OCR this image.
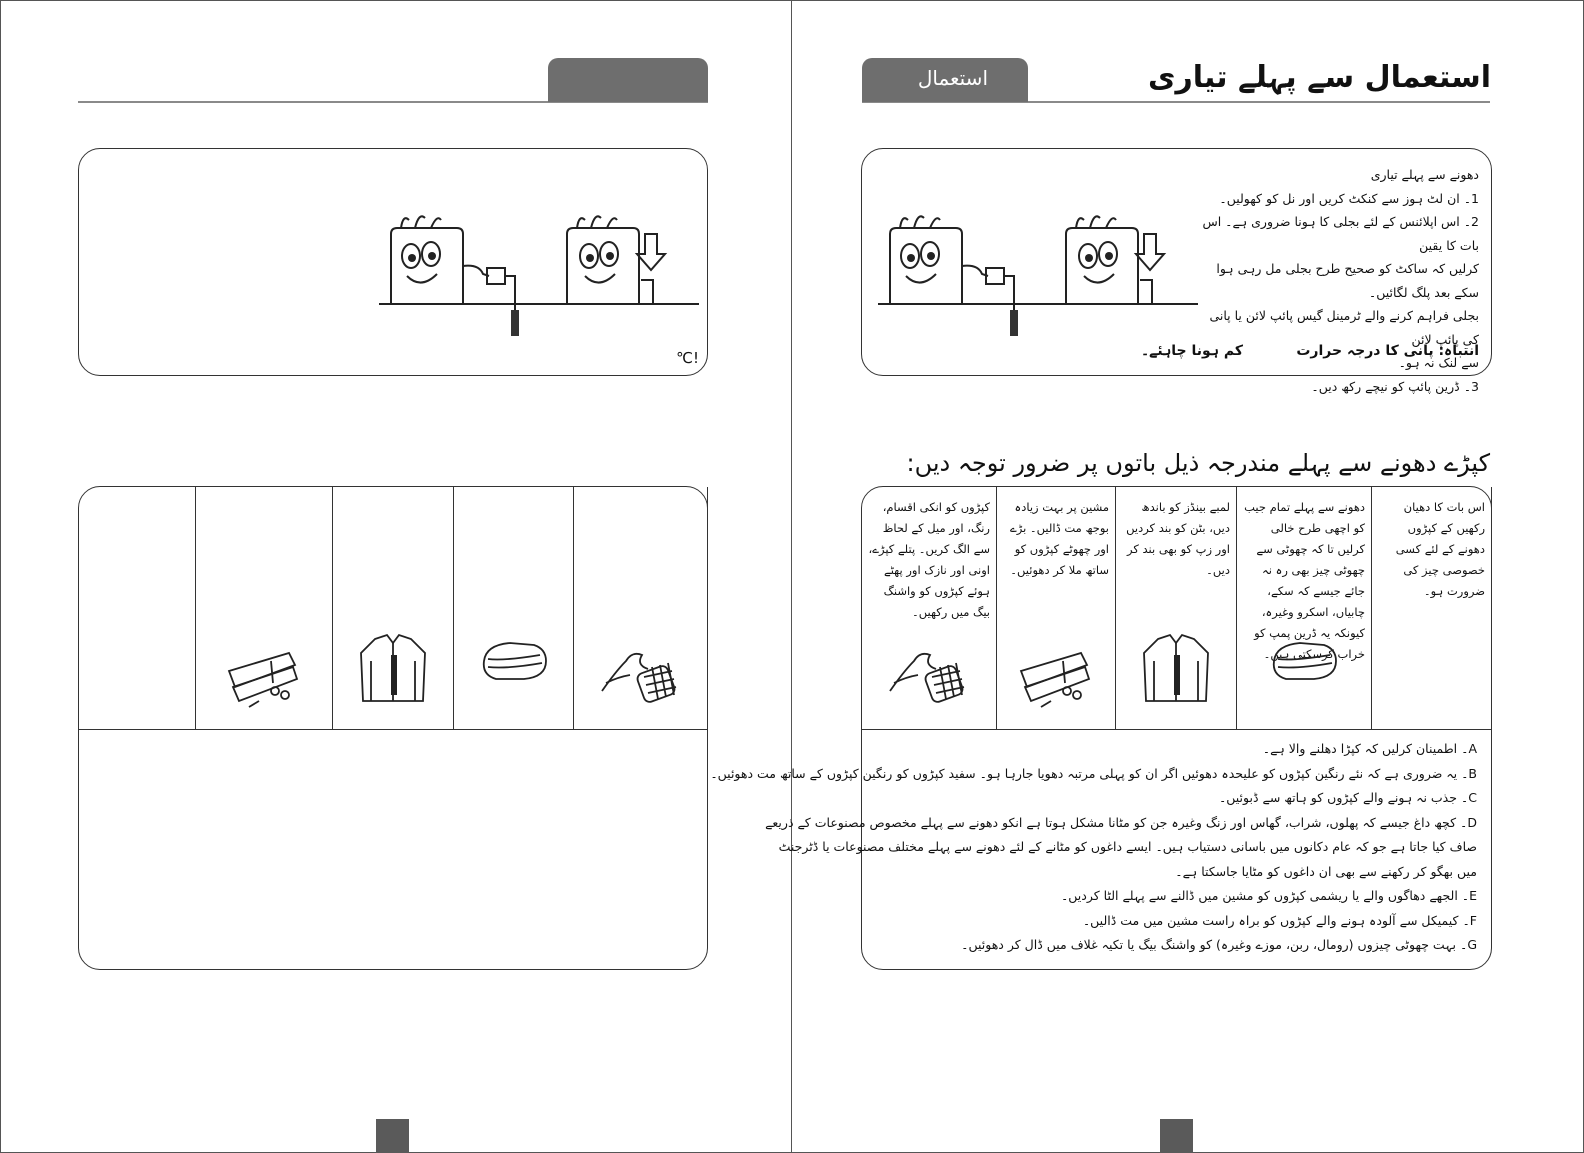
℃!
استعمال	استعمال سے پہلے تیاری
دھونے سے پہلے تیاری
1۔ ان لٹ ہوز سے کنکٹ کریں اور نل کو کھولیں۔
2۔ اس اپلائنس کے لئے بجلی کا ہونا ضروری ہے۔ اس بات کا یقین
کرلیں کہ ساکٹ کو صحیح طرح بجلی مل رہی ہوا سکے بعد پلگ لگائیں۔
بجلی فراہم کرنے والے ٹرمینل گیس پائپ لائن یا پانی کی پائپ لائن
سے لنک نہ ہو۔
3۔ ڈرین پائپ کو نیچے رکھ دیں۔
انتباہ: پانی کا درجہ حرارت
کم ہونا چاہئے۔
کپڑے دھونے سے پہلے مندرجہ ذیل باتوں پر ضرور توجہ دیں:
کپڑوں کو انکی اقسام، رنگ، اور میل کے لحاظ سے الگ کریں۔ پتلے کپڑے، اونی اور نازک اور پھٹے ہوئے کپڑوں کو واشنگ بیگ میں رکھیں۔
مشین پر بہت زیادہ بوجھ مت ڈالیں۔ بڑے اور چھوٹے کپڑوں کو ساتھ ملا کر دھوئیں۔
لمبے بینڈز کو باندھ دیں، بٹن کو بند کردیں اور زپ کو بھی بند کر دیں۔
دھونے سے پہلے تمام جیب کو اچھی طرح خالی کرلیں تا کہ چھوٹی سے چھوٹی چیز بھی رہ نہ جائے جیسے کہ سکے، چابیاں، اسکرو وغیرہ، کیونکہ یہ ڈرین پمپ کو خراب کرسکتی ہیں۔
اس بات کا دھیان رکھیں کے کپڑوں دھونے کے لئے کسی خصوصی چیز کی ضرورت ہو۔
A۔ اطمینان کرلیں کہ کپڑا دھلنے والا ہے۔
B۔ یہ ضروری ہے کہ نئے رنگین کپڑوں کو علیحدہ دھوئیں اگر ان کو پہلی مرتبہ دھویا جارہا ہو۔ سفید کپڑوں کو رنگین کپڑوں کے ساتھ مت دھوئیں۔
C۔ جذب نہ ہونے والے کپڑوں کو ہاتھ سے ڈبوئیں۔
D۔ کچھ داغ جیسے کہ پھلوں، شراب، گھاس اور زنگ وغیرہ جن کو مٹانا مشکل ہوتا ہے انکو دھونے سے پہلے مخصوص مصنوعات کے ذریعے
صاف کیا جاتا ہے جو کہ عام دکانوں میں باسانی دستیاب ہیں۔ ایسے داغوں کو مٹانے کے لئے دھونے سے پہلے مختلف مصنوعات یا ڈٹرجنٹ
میں بھگو کر رکھنے سے بھی ان داغوں کو مٹایا جاسکتا ہے۔
E۔ الجھے دھاگوں والے یا ریشمی کپڑوں کو مشین میں ڈالنے سے پہلے الٹا کردیں۔
F۔ کیمیکل سے آلودہ ہونے والے کپڑوں کو براہ راست مشین میں مت ڈالیں۔
G۔ بہت چھوٹی چیزوں (رومال، ربن، موزے وغیرہ) کو واشنگ بیگ یا تکیہ غلاف میں ڈال کر دھوئیں۔
